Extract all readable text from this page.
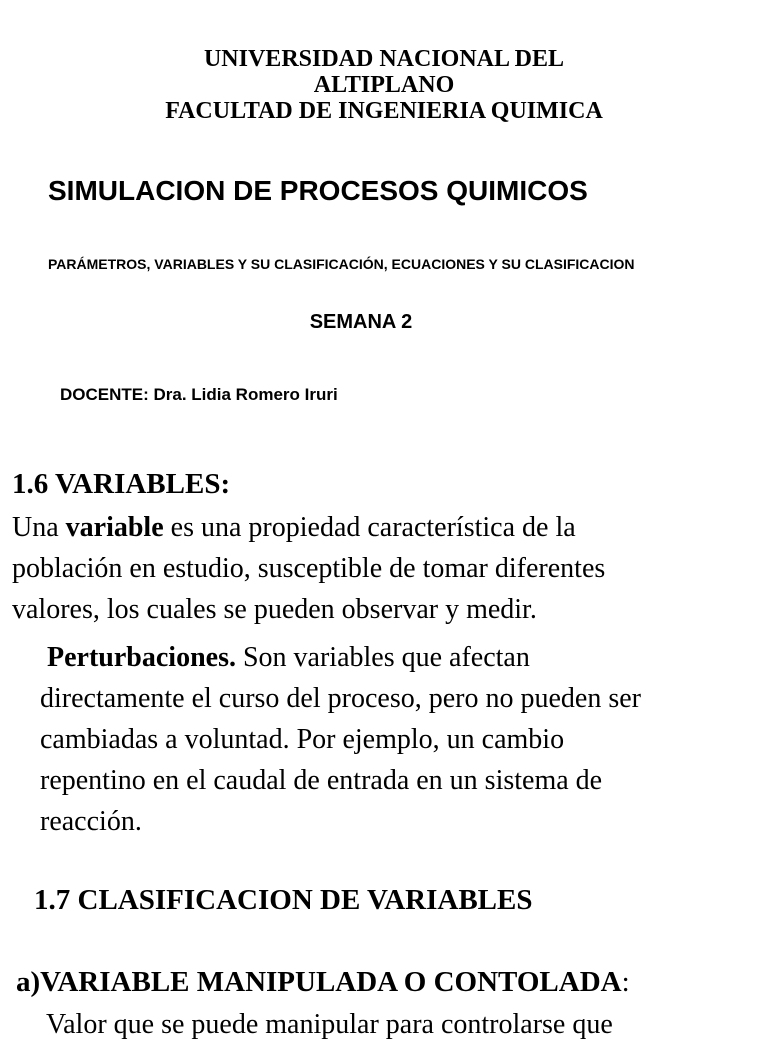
UNIVERSIDAD NACIONAL DEL
ALTIPLANO
FACULTAD DE INGENIERIA QUIMICA
SIMULACION DE PROCESOS QUIMICOS
PARÁMETROS, VARIABLES Y SU CLASIFICACIÓN, ECUACIONES Y SU CLASIFICACION
SEMANA 2
DOCENTE: Dra. Lidia Romero Iruri
1.6 VARIABLES:

Una variable es una propiedad característica de la

población en estudio, susceptible de tomar diferentes

valores, los cuales se pueden observar y medir.

Perturbaciones. Son variables que afectan

directamente el curso del proceso, pero no pueden ser

cambiadas a voluntad. Por ejemplo, un cambio

repentino en el caudal de entrada en un sistema de

reacción.

1.7 CLASIFICACION DE VARIABLES
a)VARIABLE MANIPULADA O CONTOLADA:
Valor que se puede manipular para controlarse que
